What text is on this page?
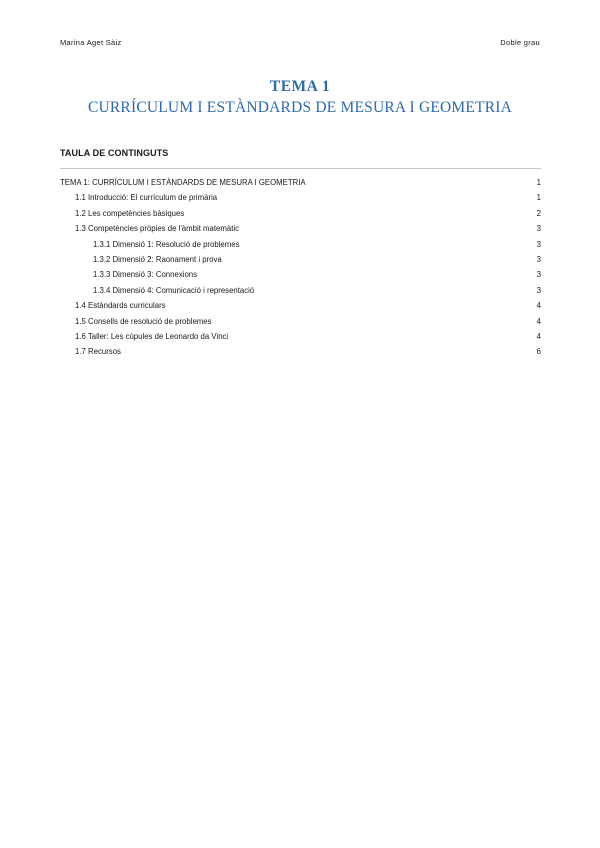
Marina Aget Sàiz	Doble grau
TEMA 1
CURRÍCULUM I ESTÀNDARDS DE MESURA I GEOMETRIA
TAULA DE CONTINGUTS
TEMA 1: CURRÍCULUM I ESTÀNDARDS DE MESURA I GEOMETRIA	1
1.1 Introducció: El currículum de primària	1
1.2 Les competències bàsiques	2
1.3 Competències pròpies de l'àmbit matemàtic	3
1.3.1 Dimensió 1: Resolució de problemes	3
1.3.2 Dimensió 2: Raonament i prova	3
1.3.3 Dimensió 3: Connexions	3
1.3.4 Dimensió 4: Comunicació i representació	3
1.4 Estàndards curriculars	4
1.5 Consells de resolució de problemes	4
1.6 Taller: Les cúpules de Leonardo da Vinci	4
1.7 Recursos	6
